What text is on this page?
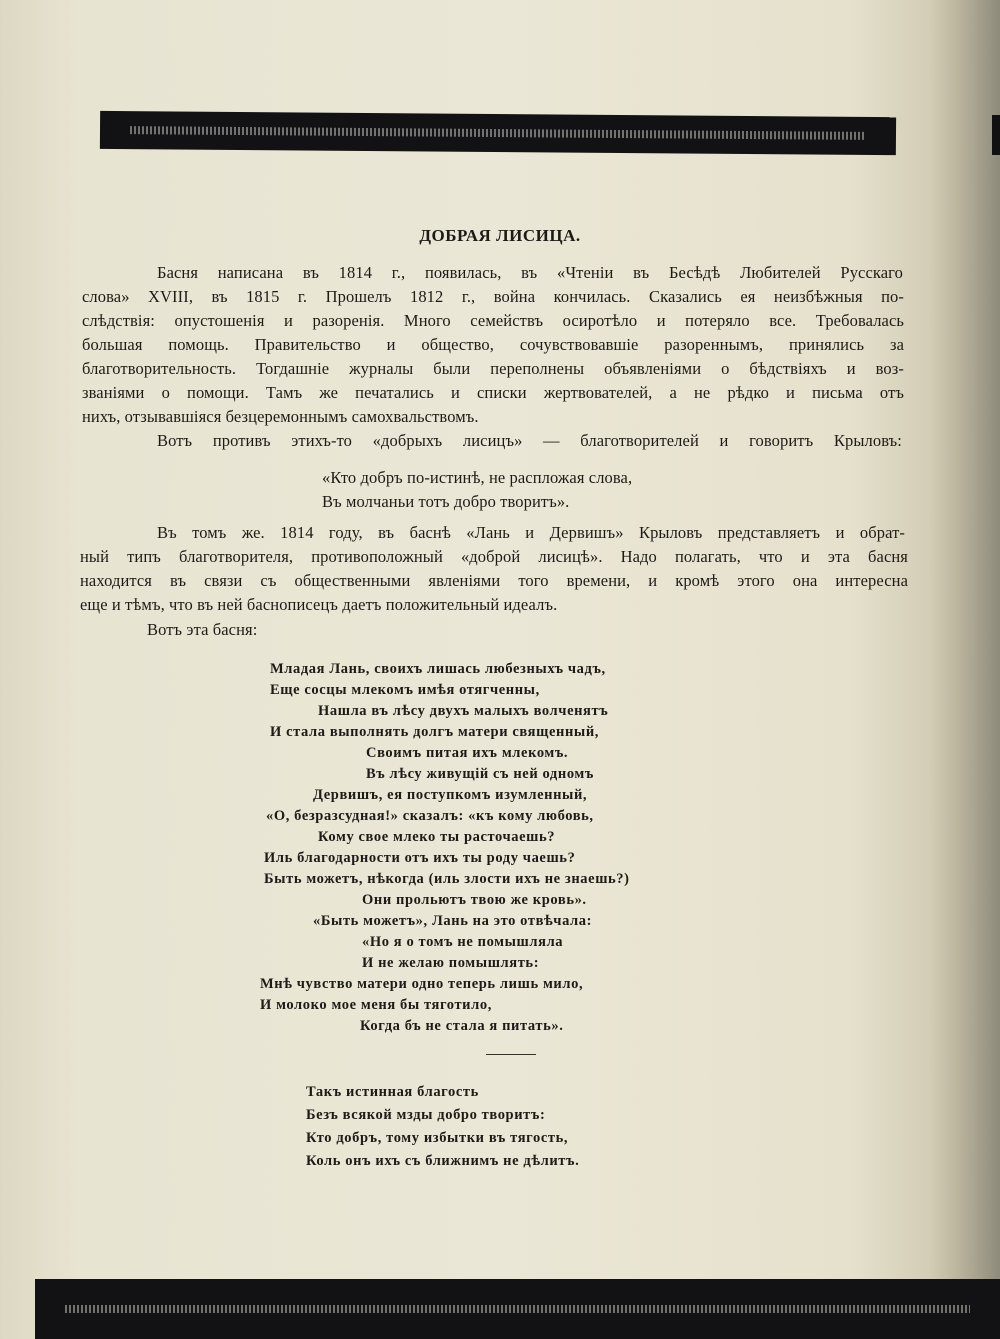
ДОБРАЯ ЛИСИЦА.
Басня написана въ 1814 г., появилась, въ «Чтеніи въ Бесѣдѣ Любителей Русскаго
слова» XVIII, въ 1815 г. Прошелъ 1812 г., война кончилась. Сказались ея неизбѣжныя по-
слѣдствія: опустошенія и разоренія. Много семействъ осиротѣло и потеряло все. Требовалась
большая помощь. Правительство и общество, сочувствовавшіе разореннымъ, принялись за
благотворительность. Тогдашніе журналы были переполнены объявленіями о бѣдствіяхъ и воз-
званіями о помощи. Тамъ же печатались и списки жертвователей, а не рѣдко и письма отъ
нихъ, отзывавшіяся безцеремоннымъ самохвальствомъ.
Вотъ противъ этихъ-то «добрыхъ лисицъ» — благотворителей и говоритъ Крыловъ:
«Кто добръ по-истинѣ, не распложая слова,
Въ молчаньи тотъ добро творитъ».
Въ томъ же. 1814 году, въ баснѣ «Лань и Дервишъ» Крыловъ представляетъ и обрат-
ный типъ благотворителя, противоположный «доброй лисицѣ». Надо полагать, что и эта басня
находится въ связи съ общественными явленіями того времени, и кромѣ этого она интересна
еще и тѣмъ, что въ ней баснописецъ даетъ положительный идеалъ.
Вотъ эта басня:
Младая Лань, своихъ лишась любезныхъ чадъ,
Еще сосцы млекомъ имѣя отягченны,
Нашла въ лѣсу двухъ малыхъ волченятъ
И стала выполнять долгъ матери священный,
Своимъ питая ихъ млекомъ.
Въ лѣсу живущій съ ней одномъ
Дервишъ, ея поступкомъ изумленный,
«О, безразсудная!» сказалъ: «къ кому любовь,
Кому свое млеко ты расточаешь?
Иль благодарности отъ ихъ ты роду чаешь?
Быть можетъ, нѣкогда (иль злости ихъ не знаешь?)
Они прольютъ твою же кровь».
«Быть можетъ», Лань на это отвѣчала:
«Но я о томъ не помышляла
И не желаю помышлять:
Мнѣ чувство матери одно теперь лишь мило,
И молоко мое меня бы тяготило,
Когда бъ не стала я питать».
Такъ истинная благость
Безъ всякой мзды добро творитъ:
Кто добръ, тому избытки въ тягость,
Коль онъ ихъ съ ближнимъ не дѣлитъ.
